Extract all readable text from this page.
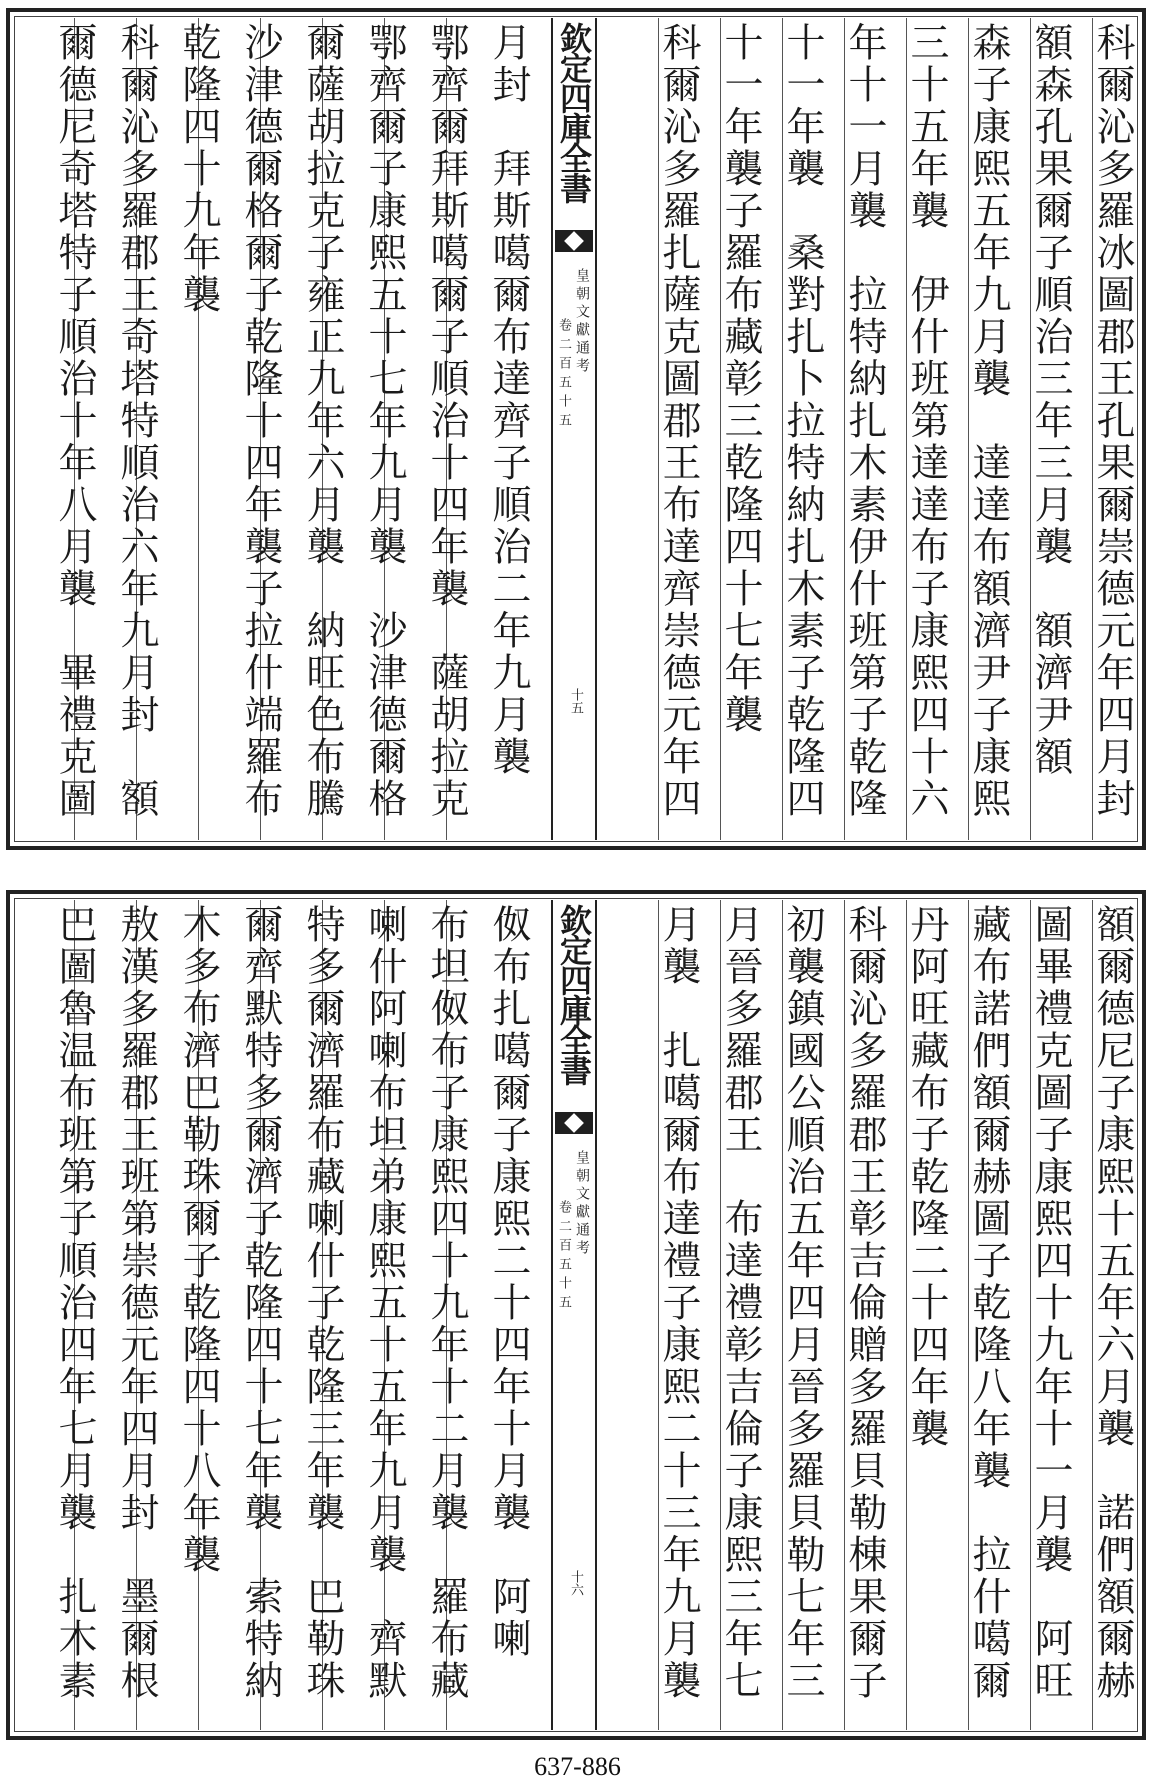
科爾沁多羅冰圖郡王孔果爾崇德元年四月封
額森孔果爾子順治三年三月襲　額濟尹額
森子康熙五年九月襲　達達布額濟尹子康熙
三十五年襲　伊什班第達達布子康熙四十六
年十一月襲　拉特納扎木素伊什班第子乾隆
十一年襲　桑對扎卜拉特納扎木素子乾隆四
十一年襲子羅布藏彰三乾隆四十七年襲
科爾沁多羅扎薩克圖郡王布達齊崇德元年四
欽定四庫全書
皇朝文獻通考
卷二百五十五
十五
月封　拜斯噶爾布達齊子順治二年九月襲
鄂齊爾拜斯噶爾子順治十四年襲　薩胡拉克
鄂齊爾子康熙五十七年九月襲　沙津德爾格
爾薩胡拉克子雍正九年六月襲　納旺色布騰
沙津德爾格爾子乾隆十四年襲子拉什端羅布
乾隆四十九年襲
科爾沁多羅郡王奇塔特順治六年九月封　額
爾德尼奇塔特子順治十年八月襲　畢禮克圖
額爾德尼子康熙十五年六月襲　諾們額爾赫
圖畢禮克圖子康熙四十九年十一月襲　阿旺
藏布諾們額爾赫圖子乾隆八年襲　拉什噶爾
丹阿旺藏布子乾隆二十四年襲
科爾沁多羅郡王彰吉倫贈多羅貝勒棟果爾子
初襲鎮國公順治五年四月晉多羅貝勒七年三
月晉多羅郡王　布達禮彰吉倫子康熙三年七
月襲　扎噶爾布達禮子康熙二十三年九月襲
欽定四庫全書
皇朝文獻通考
卷二百五十五
十六
伮布扎噶爾子康熙二十四年十月襲　阿喇
布坦伮布子康熙四十九年十二月襲　羅布藏
喇什阿喇布坦弟康熙五十五年九月襲　齊默
特多爾濟羅布藏喇什子乾隆三年襲　巴勒珠
爾齊默特多爾濟子乾隆四十七年襲　索特納
木多布濟巴勒珠爾子乾隆四十八年襲
敖漢多羅郡王班第崇德元年四月封　墨爾根
巴圖魯温布班第子順治四年七月襲　扎木素
637-886
